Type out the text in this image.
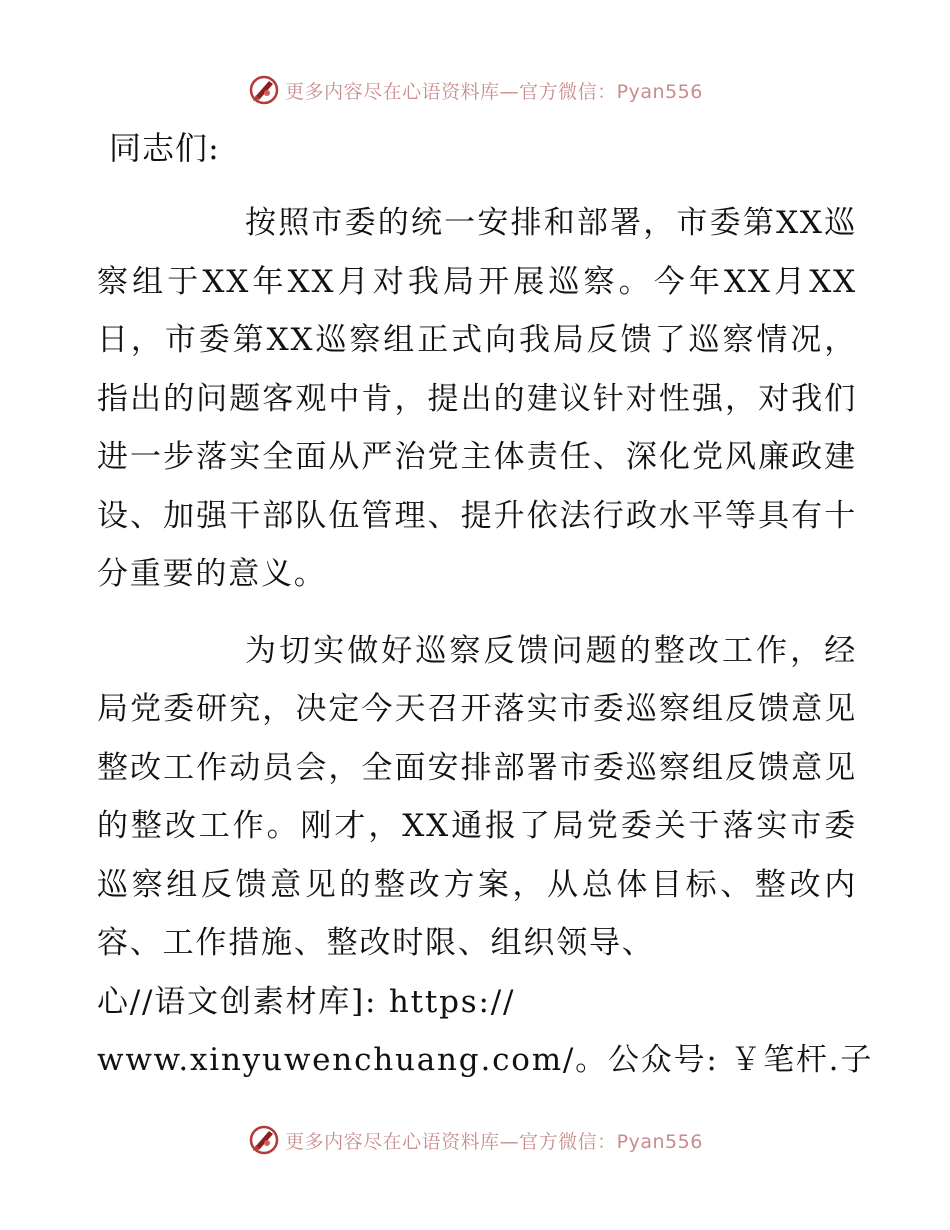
更多内容尽在心语资料库—官方微信：Pyan556

同志们:

按照市委的统一安排和部署，市委第XX巡察组于XX年XX月对我局开展巡察。今年XX月XX日，市委第XX巡察组正式向我局反馈了巡察情况，指出的问题客观中肯，提出的建议针对性强，对我们进一步落实全面从严治党主体责任、深化党风廉政建设、加强干部队伍管理、提升依法行政水平等具有十分重要的意义。

为切实做好巡察反馈问题的整改工作，经局党委研究，决定今天召开落实市委巡察组反馈意见整改工作动员会，全面安排部署市委巡察组反馈意见的整改工作。刚才，XX通报了局党委关于落实市委巡察组反馈意见的整改方案，从总体目标、整改内容、工作措施、整改时限、组织领导、

心//语文创素材库]: https://

www.xinyuwenchuang.com/。公众号: ￥笔杆.子

更多内容尽在心语资料库—官方微信：Pyan556
